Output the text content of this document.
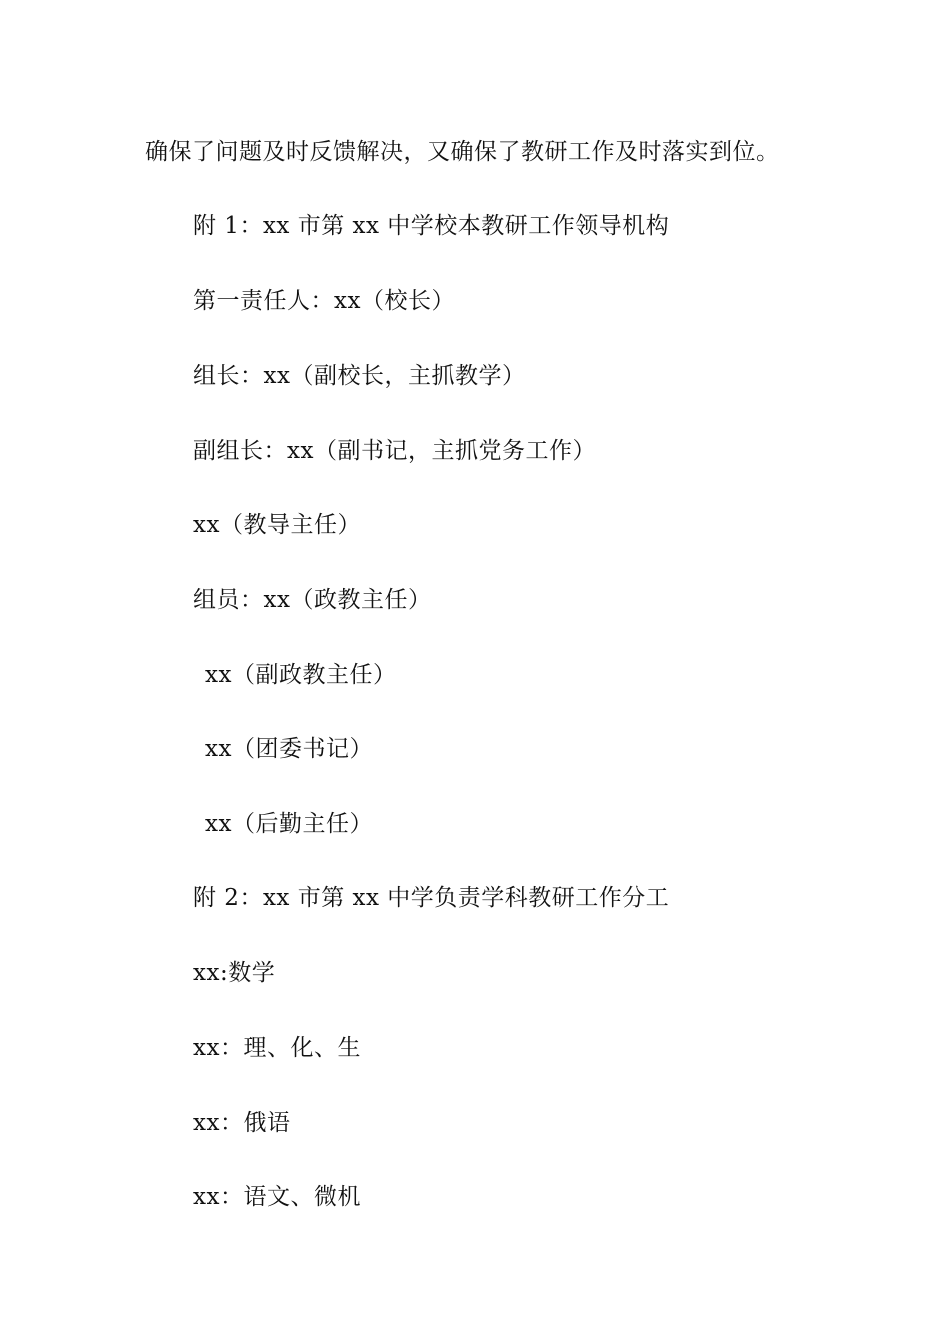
确保了问题及时反馈解决，又确保了教研工作及时落实到位。
附 1：xx 市第 xx 中学校本教研工作领导机构
第一责任人：xx（校长）
组长：xx（副校长，主抓教学）
副组长：xx（副书记，主抓党务工作）
xx（教导主任）
组员：xx（政教主任）
xx（副政教主任）
xx（团委书记）
xx（后勤主任）
附 2：xx 市第 xx 中学负责学科教研工作分工
xx:数学
xx：理、化、生
xx：俄语
xx：语文、微机
